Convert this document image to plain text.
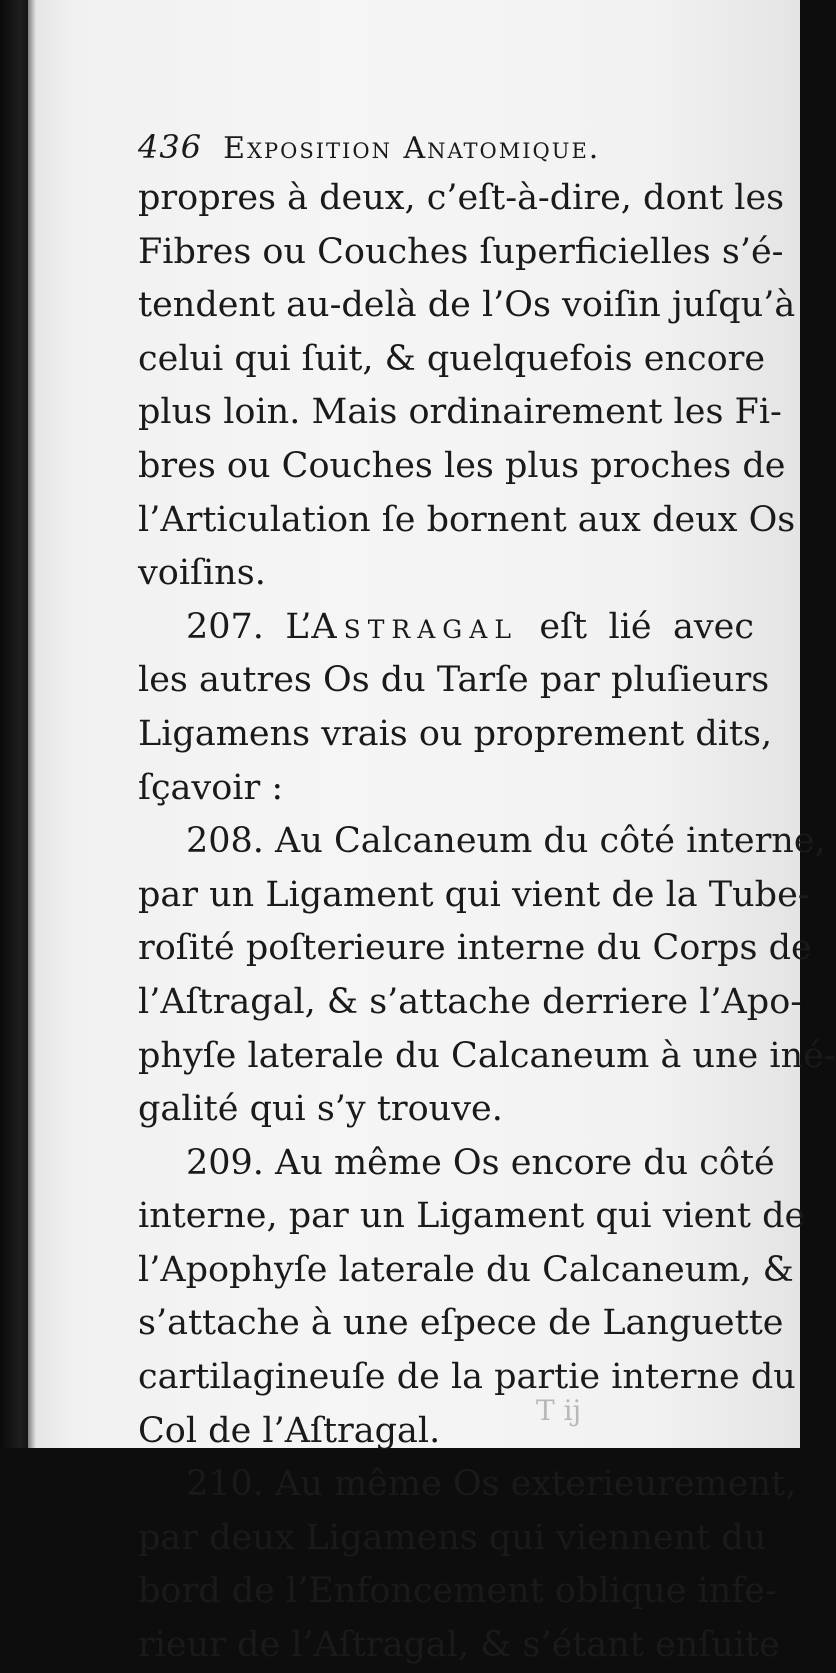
436 Exposition Anatomique.
propres à deux, c’eſt-à-dire, dont les
Fibres ou Couches ſuperficielles s’é-
tendent au-delà de l’Os voiſin juſqu’à
celui qui ſuit, & quelquefois encore
plus loin. Mais ordinairement les Fi-
bres ou Couches les plus proches de
l’Articulation ſe bornent aux deux Os
voiſins.
207. L’Astragal eſt lié avec
les autres Os du Tarſe par pluſieurs
Ligamens vrais ou proprement dits,
ſçavoir :
208. Au Calcaneum du côté interne,
par un Ligament qui vient de la Tube-
roſité poſterieure interne du Corps de
l’Aſtragal, & s’attache derriere l’Apo-
phyſe laterale du Calcaneum à une iné-
galité qui s’y trouve.
209. Au même Os encore du côté
interne, par un Ligament qui vient de
l’Apophyſe laterale du Calcaneum, &
s’attache à une eſpece de Languette
cartilagineuſe de la partie interne du
Col de l’Aſtragal.
210. Au même Os exterieurement,
par deux Ligamens qui viennent du
bord de l’Enfoncement oblique infe-
rieur de l’Aſtragal, & s’étant enſuite
T ij
